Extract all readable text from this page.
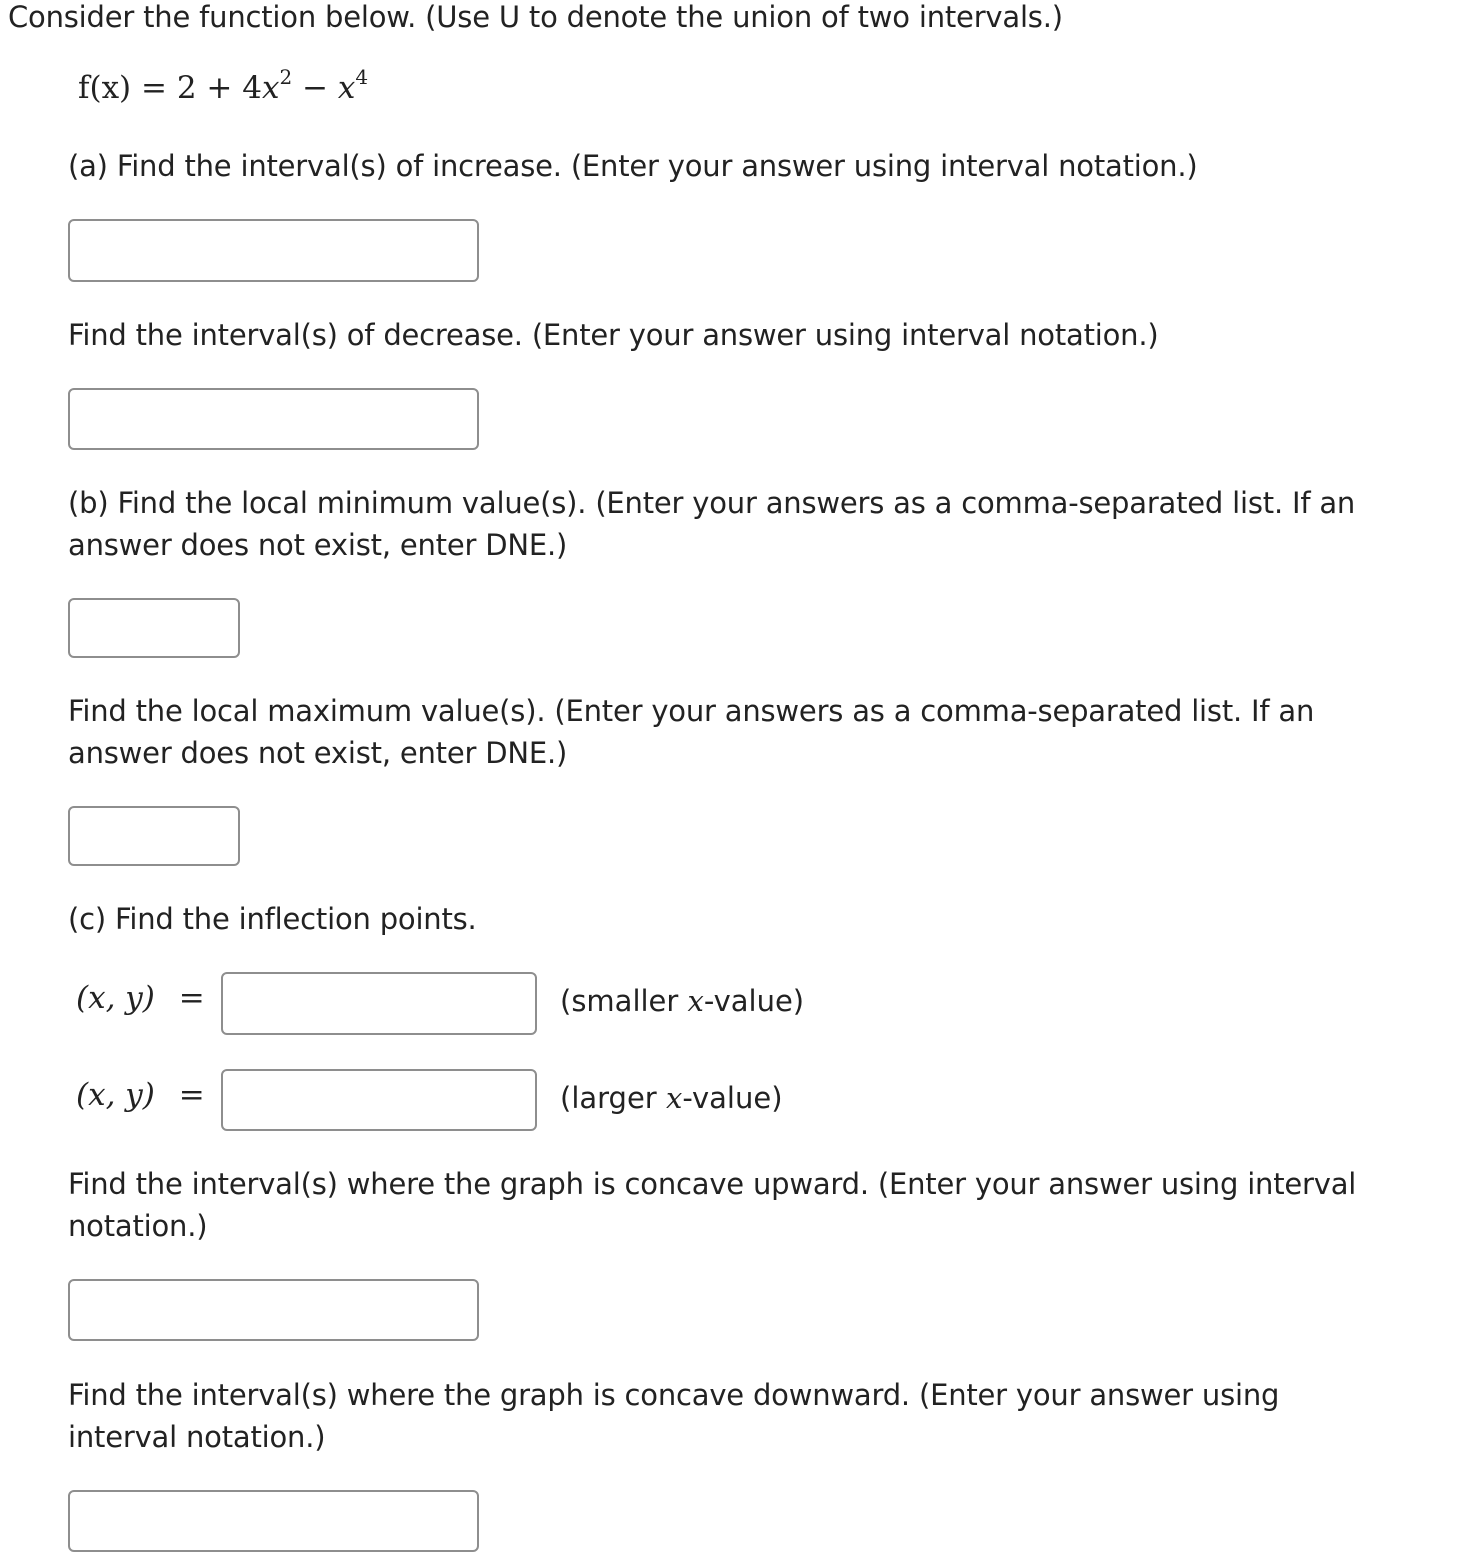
Consider the function below. (Use U to denote the union of two intervals.)
$f(x) = 2 + 4x^2 - x^4$
(a) Find the interval(s) of increase. (Enter your answer using interval notation.)
Find the interval(s) of decrease. (Enter your answer using interval notation.)
(b) Find the local minimum value(s). (Enter your answers as a comma-separated list. If an answer does not exist, enter DNE.)
Find the local maximum value(s). (Enter your answers as a comma-separated list. If an answer does not exist, enter DNE.)
(c) Find the inflection points.
(x, y) =	(smaller x-value)
(x, y) =	(larger x-value)
Find the interval(s) where the graph is concave upward. (Enter your answer using interval notation.)
Find the interval(s) where the graph is concave downward. (Enter your answer using interval notation.)
